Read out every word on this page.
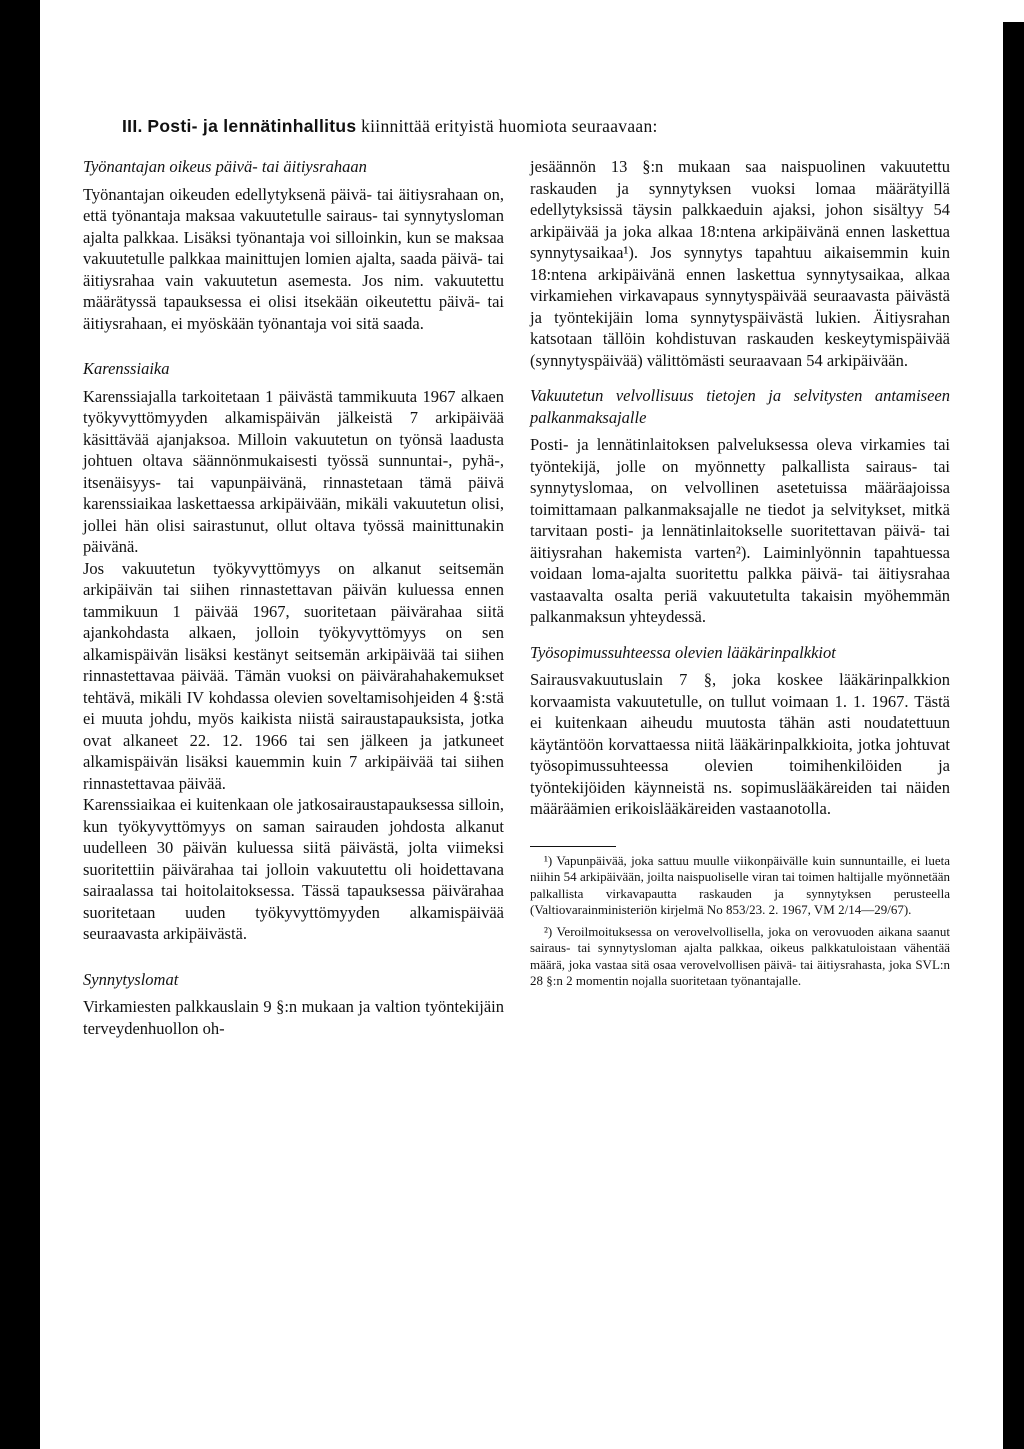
III. Posti- ja lennätinhallitus kiinnittää erityistä huomiota seuraavaan:

Työnantajan oikeus päivä- tai äitiysrahaan

Työnantajan oikeuden edellytyksenä päivä- tai äitiysrahaan on, että työnantaja maksaa vakuutetulle sairaus- tai synnytysloman ajalta palkkaa. Lisäksi työnantaja voi silloinkin, kun se maksaa vakuutetulle palkkaa mainittujen lomien ajalta, saada päivä- tai äitiysrahaa vain vakuutetun asemesta. Jos nim. vakuutettu määrätyssä tapauksessa ei olisi itsekään oikeutettu päivä- tai äitiysrahaan, ei myöskään työnantaja voi sitä saada.

Karenssiaika

Karenssiajalla tarkoitetaan 1 päivästä tammikuuta 1967 alkaen työkyvyttömyyden alkamispäivän jälkeistä 7 arkipäivää käsittävää ajanjaksoa. Milloin vakuutetun on työnsä laadusta johtuen oltava säännönmukaisesti työssä sunnuntai-, pyhä-, itsenäisyys- tai vapunpäivänä, rinnastetaan tämä päivä karenssiaikaa laskettaessa arkipäivään, mikäli vakuutetun olisi, jollei hän olisi sairastunut, ollut oltava työssä mainittunakin päivänä.

Jos vakuutetun työkyvyttömyys on alkanut seitsemän arkipäivän tai siihen rinnastettavan päivän kuluessa ennen tammikuun 1 päivää 1967, suoritetaan päivärahaa siitä ajankohdasta alkaen, jolloin työkyvyttömyys on sen alkamispäivän lisäksi kestänyt seitsemän arkipäivää tai siihen rinnastettavaa päivää. Tämän vuoksi on päivärahahakemukset tehtävä, mikäli IV kohdassa olevien soveltamisohjeiden 4 §:stä ei muuta johdu, myös kaikista niistä sairaustapauksista, jotka ovat alkaneet 22. 12. 1966 tai sen jälkeen ja jatkuneet alkamispäivän lisäksi kauemmin kuin 7 arkipäivää tai siihen rinnastettavaa päivää.

Karenssiaikaa ei kuitenkaan ole jatkosairaustapauksessa silloin, kun työkyvyttömyys on saman sairauden johdosta alkanut uudelleen 30 päivän kuluessa siitä päivästä, jolta viimeksi suoritettiin päivärahaa tai jolloin vakuutettu oli hoidettavana sairaalassa tai hoitolaitoksessa. Tässä tapauksessa päivärahaa suoritetaan uuden työkyvyttömyyden alkamispäivää seuraavasta arkipäivästä.

Synnytyslomat

Virkamiesten palkkauslain 9 §:n mukaan ja valtion työntekijäin terveydenhuollon oh-

jesäännön 13 §:n mukaan saa naispuolinen vakuutettu raskauden ja synnytyksen vuoksi lomaa määrätyillä edellytyksissä täysin palkkaeduin ajaksi, johon sisältyy 54 arkipäivää ja joka alkaa 18:ntena arkipäivänä ennen laskettua synnytysaikaa¹). Jos synnytys tapahtuu aikaisemmin kuin 18:ntena arkipäivänä ennen laskettua synnytysaikaa, alkaa virkamiehen virkavapaus synnytyspäivää seuraavasta päivästä ja työntekijäin loma synnytyspäivästä lukien. Äitiysrahan katsotaan tällöin kohdistuvan raskauden keskeytymispäivää (synnytyspäivää) välittömästi seuraavaan 54 arkipäivään.

Vakuutetun velvollisuus tietojen ja selvitysten antamiseen palkanmaksajalle

Posti- ja lennätinlaitoksen palveluksessa oleva virkamies tai työntekijä, jolle on myönnetty palkallista sairaus- tai synnytyslomaa, on velvollinen asetetuissa määräajoissa toimittamaan palkanmaksajalle ne tiedot ja selvitykset, mitkä tarvitaan posti- ja lennätinlaitokselle suoritettavan päivä- tai äitiysrahan hakemista varten²). Laiminlyönnin tapahtuessa voidaan loma-ajalta suoritettu palkka päivä- tai äitiysrahaa vastaavalta osalta periä vakuutetulta takaisin myöhemmän palkanmaksun yhteydessä.

Työsopimussuhteessa olevien lääkärinpalkkiot

Sairausvakuutuslain 7 §, joka koskee lääkärinpalkkion korvaamista vakuutetulle, on tullut voimaan 1. 1. 1967. Tästä ei kuitenkaan aiheudu muutosta tähän asti noudatettuun käytäntöön korvattaessa niitä lääkärinpalkkioita, jotka johtuvat työsopimussuhteessa olevien toimihenkilöiden ja työntekijöiden käynneistä ns. sopimuslääkäreiden tai näiden määräämien erikoislääkäreiden vastaanotolla.

¹) Vapunpäivää, joka sattuu muulle viikonpäivälle kuin sunnuntaille, ei lueta niihin 54 arkipäivään, joilta naispuoliselle viran tai toimen haltijalle myönnetään palkallista virkavapautta raskauden ja synnytyksen perusteella (Valtiovarainministeriön kirjelmä No 853/23. 2. 1967, VM 2/14—29/67).

²) Veroilmoituksessa on verovelvollisella, joka on verovuoden aikana saanut sairaus- tai synnytysloman ajalta palkkaa, oikeus palkkatuloistaan vähentää määrä, joka vastaa sitä osaa verovelvollisen päivä- tai äitiysrahasta, joka SVL:n 28 §:n 2 momentin nojalla suoritetaan työnantajalle.
